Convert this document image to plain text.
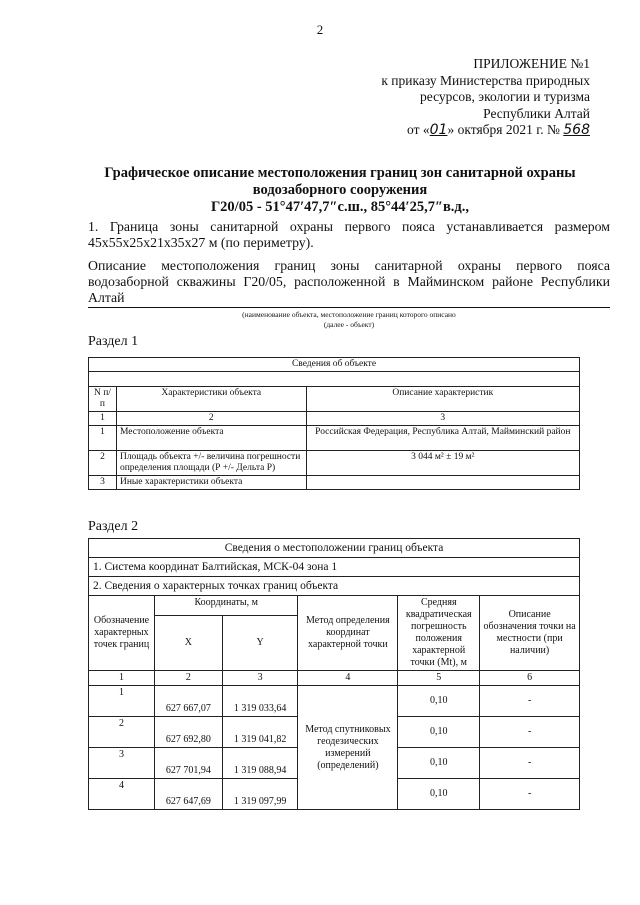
2
ПРИЛОЖЕНИЕ №1
к приказу Министерства природных
ресурсов, экологии и туризма
Республики Алтай
от «01» октября 2021 г. № 568
Графическое описание местоположения границ зон санитарной охраны
водозаборного сооружения
Г20/05 - 51°47′47,7″с.ш., 85°44′25,7″в.д.,
1. Граница зоны санитарной охраны первого пояса устанавливается размером 45х55х25х21х35х27 м (по периметру).
Описание местоположения границ зоны санитарной охраны первого пояса водозаборной скважины Г20/05, расположенной в Майминском районе Республики Алтай
(наименование объекта, местоположение границ которого описано
(далее - объект)
Раздел 1
Сведения об объекте		

N п/п	Характеристики объекта	Описание характеристик
1	2	3
1	Местоположение объекта	Российская Федерация, Республика Алтай, Майминский район
2	Площадь объекта +/- величина погрешности определения площади (Р +/- Дельта Р)	3 044 м² ± 19 м²
3	Иные характеристики объекта	
Раздел 2
Сведения о местоположении границ объекта					
1. Система координат Балтийская, МСК-04 зона 1					
2. Сведения о характерных точках границ объекта					
Обозначение характерных точек границ	Координаты, м		Метод определения координат характерной точки	Средняя квадратическая погрешность положения характерной точки (Mt), м	Описание обозначения точки на местности (при наличии)
	X	Y			
1	2	3	4	5	6
1	627 667,07	1 319 033,64	Метод спутниковых геодезических измерений (определений)	0,10	-
2	627 692,80	1 319 041,82		0,10	-
3	627 701,94	1 319 088,94		0,10	-
4	627 647,69	1 319 097,99		0,10	-
